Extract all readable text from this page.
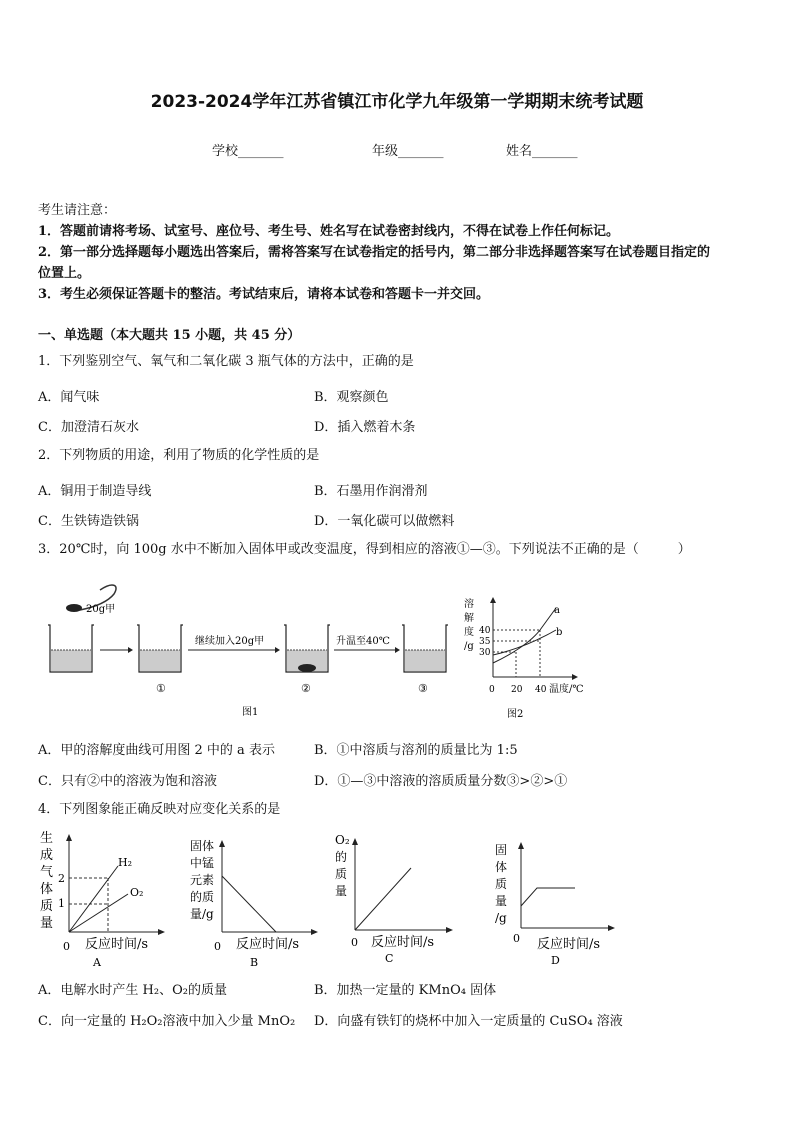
2023-2024学年江苏省镇江市化学九年级第一学期期末统考试题
学校_______	年级_______	姓名_______
考生请注意：
1．答题前请将考场、试室号、座位号、考生号、姓名写在试卷密封线内，不得在试卷上作任何标记。
2．第一部分选择题每小题选出答案后，需将答案写在试卷指定的括号内，第二部分非选择题答案写在试卷题目指定的
位置上。
3．考生必须保证答题卡的整洁。考试结束后，请将本试卷和答题卡一并交回。
一、单选题（本大题共 15 小题，共 45 分）
1．下列鉴别空气、氧气和二氧化碳 3 瓶气体的方法中，正确的是
A．闻气味	B．观察颜色
C．加澄清石灰水	D．插入燃着木条
2．下列物质的用途，利用了物质的化学性质的是
A．铜用于制造导线	B．石墨用作润滑剂
C．生铁铸造铁锅	D．一氧化碳可以做燃料
3．20℃时，向 100g 水中不断加入固体甲或改变温度，得到相应的溶液①—③。下列说法不正确的是（　　　）
20g甲
①
继续加入20g甲
②
升温至40℃
③
图1
溶
解
度
/g
40
35
30
a
b
0 20 40 温度/℃
图2
A．甲的溶解度曲线可用图 2 中的 a 表示	B．①中溶质与溶剂的质量比为 1:5
C．只有②中的溶液为饱和溶液	D．①—③中溶液的溶质质量分数③>②>①
4．下列图象能正确反映对应变化关系的是
生
成
气
体
质
量
2
1
H₂
O₂
0 反应时间/s
A
固体
中锰
元素
的质
量/g
0 反应时间/s
B
O₂
的
质
量
0 反应时间/s
C
固
体
质
量
/g
0 反应时间/s
D
A．电解水时产生 H₂、O₂的质量	B．加热一定量的 KMnO₄ 固体
C．向一定量的 H₂O₂溶液中加入少量 MnO₂ D．向盛有铁钉的烧杯中加入一定质量的 CuSO₄ 溶液
